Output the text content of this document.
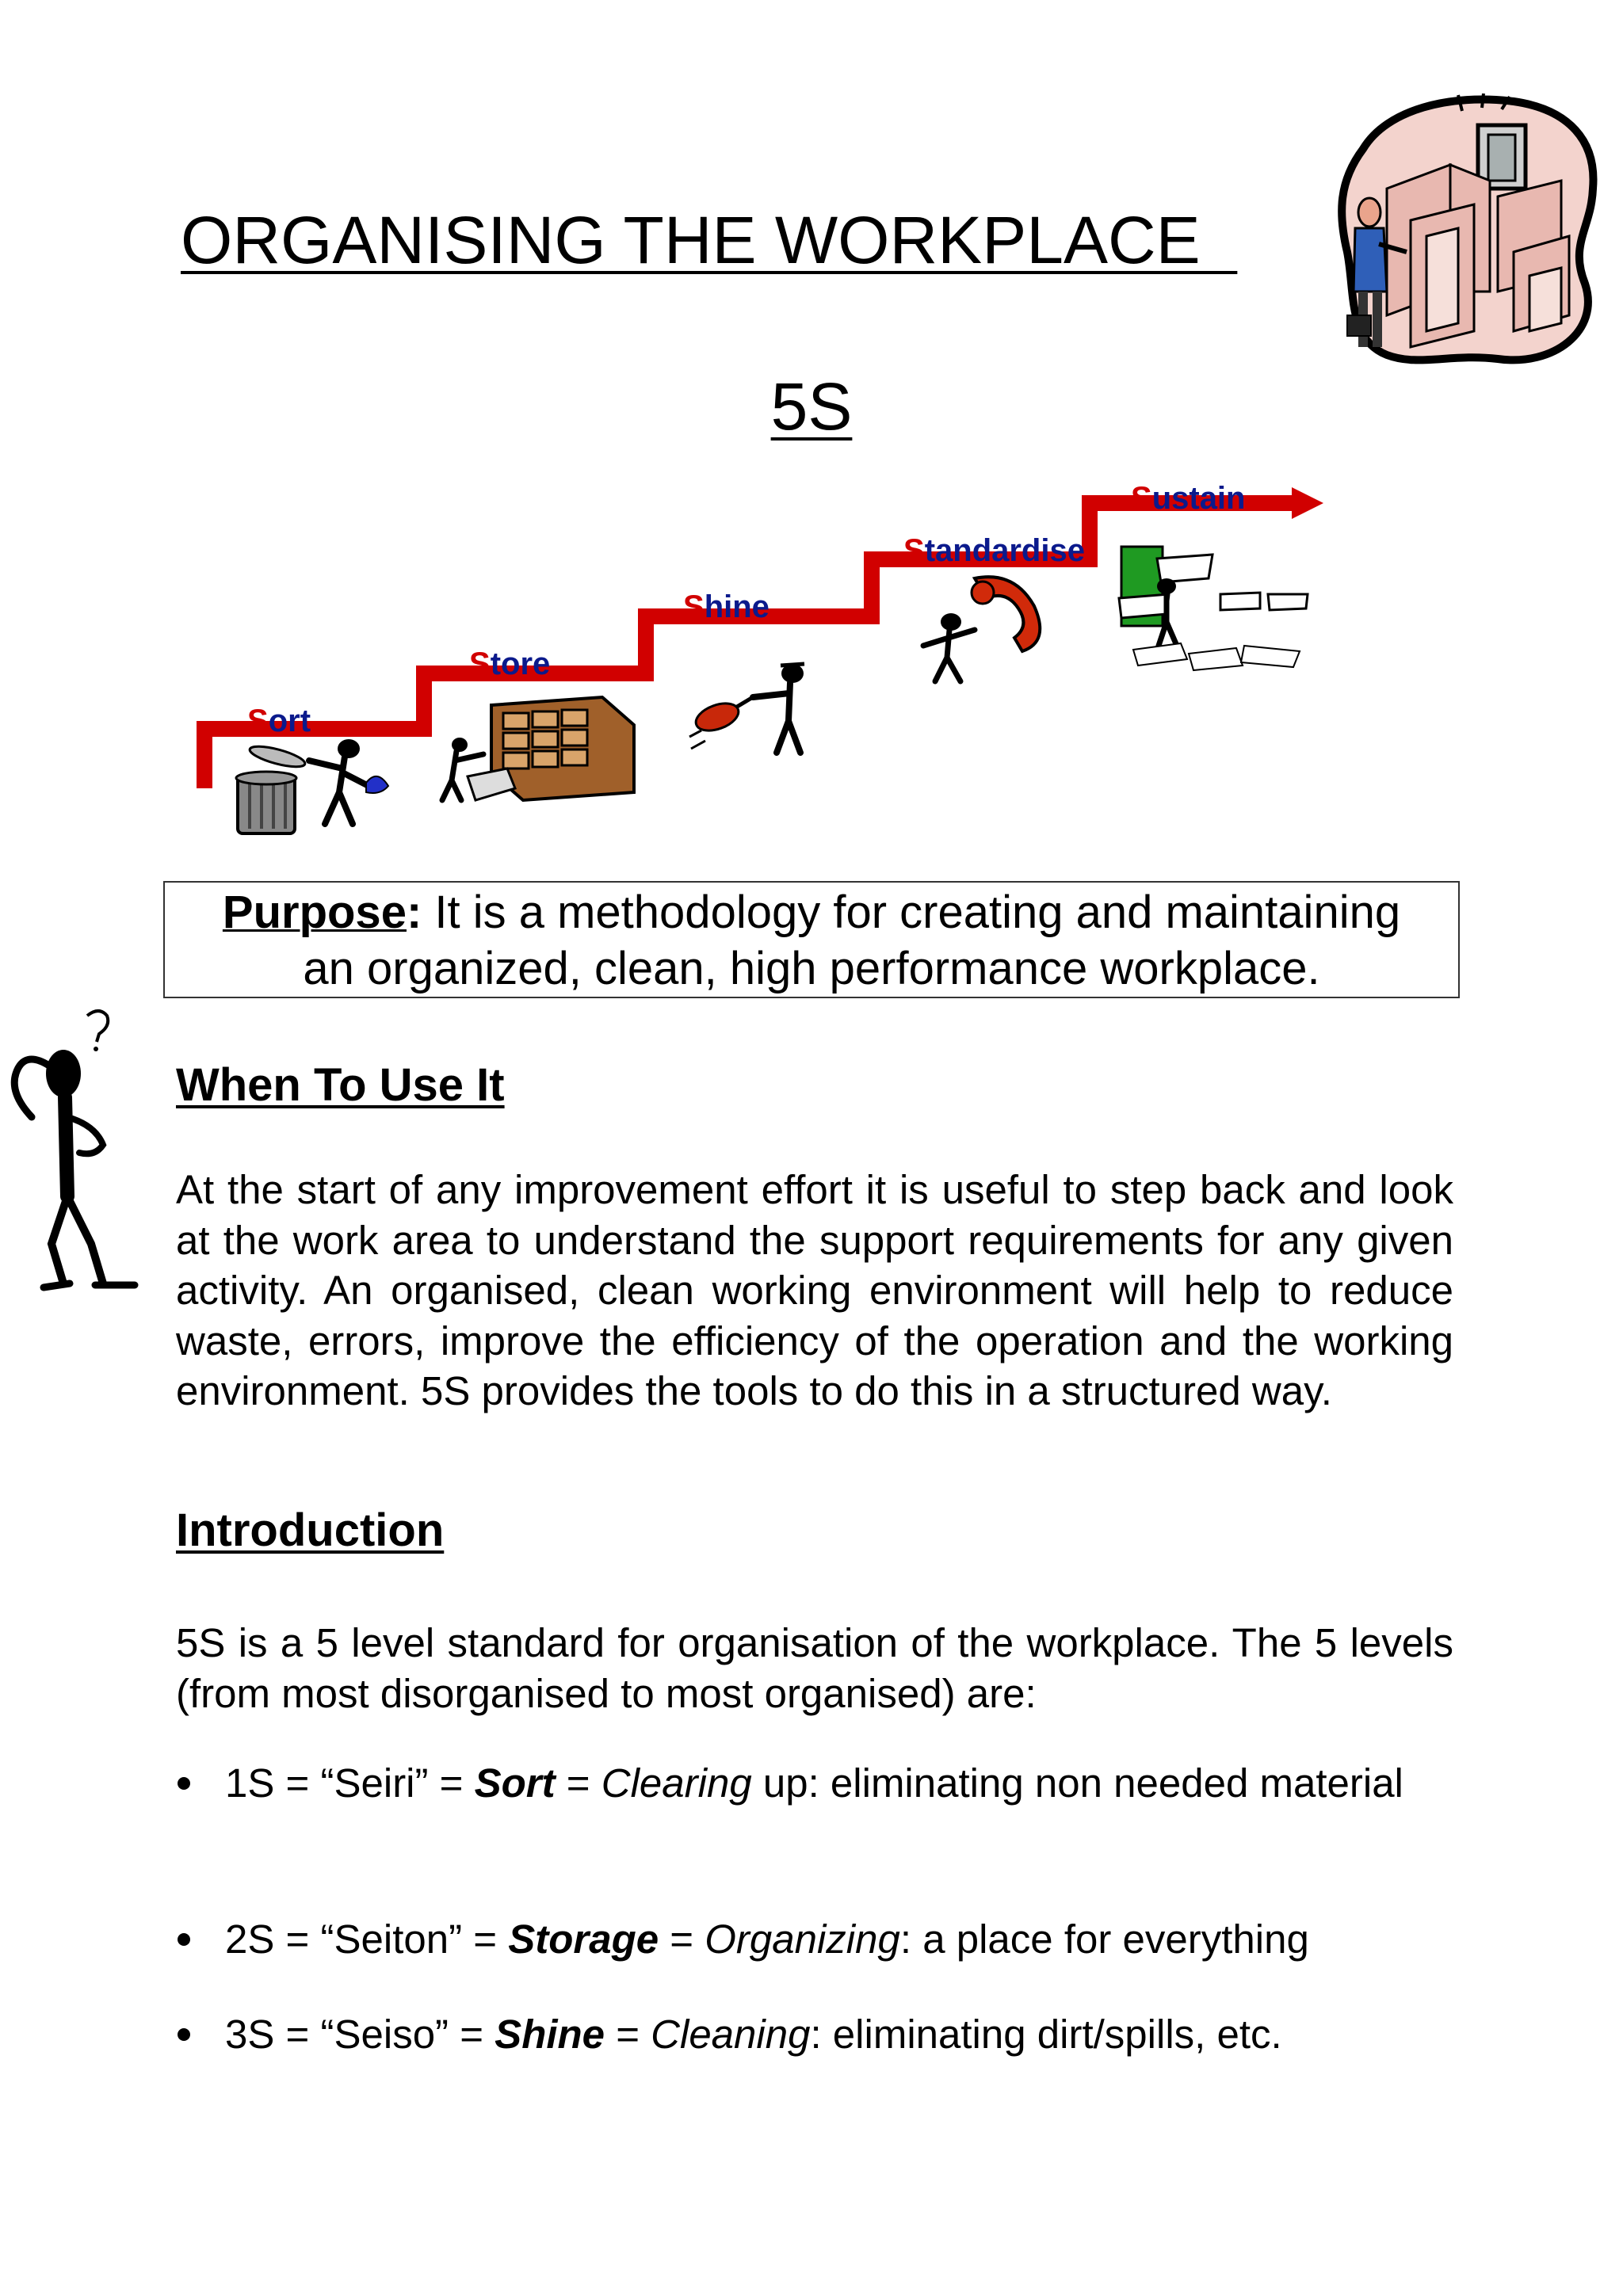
ORGANISING THE WORKPLACE
5S
Sort
Store
Shine
Standardise
Sustain
Purpose: It is a methodology for creating and maintaining
an organized, clean, high performance workplace.
When To Use It

At the start of any improvement effort it is useful to step back and look at the work area to understand the support requirements for any given activity. An organised, clean working environment will help to reduce waste, errors, improve the efficiency of the operation and the working environment. 5S provides the tools to do this in a structured way.

Introduction

5S is a 5 level standard for organisation of the workplace. The 5 levels (from most disorganised to most organised) are:

1S = “Seiri” = Sort = Clearing up: eliminating non needed material
2S = “Seiton” = Storage = Organizing: a place for everything
3S = “Seiso” = Shine = Cleaning: eliminating dirt/spills, etc.
